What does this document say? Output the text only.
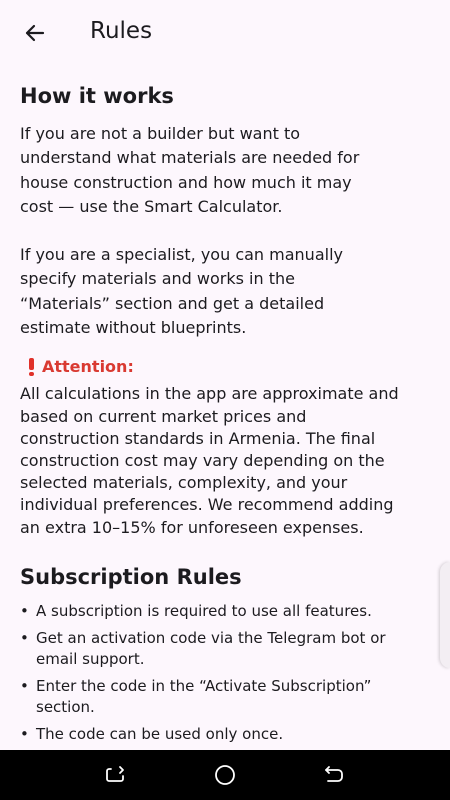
Rules
How it works
If you are not a builder but want to
understand what materials are needed for
house construction and how much it may
cost — use the Smart Calculator.
If you are a specialist, you can manually
specify materials and works in the
“Materials” section and get a detailed
estimate without blueprints.
Attention:
All calculations in the app are approximate and
based on current market prices and
construction standards in Armenia. The final
construction cost may vary depending on the
selected materials, complexity, and your
individual preferences. We recommend adding
an extra 10–15% for unforeseen expenses.
Subscription Rules
• A subscription is required to use all features.
• Get an activation code via the Telegram bot or
email support.
• Enter the code in the “Activate Subscription”
section.
• The code can be used only once.
